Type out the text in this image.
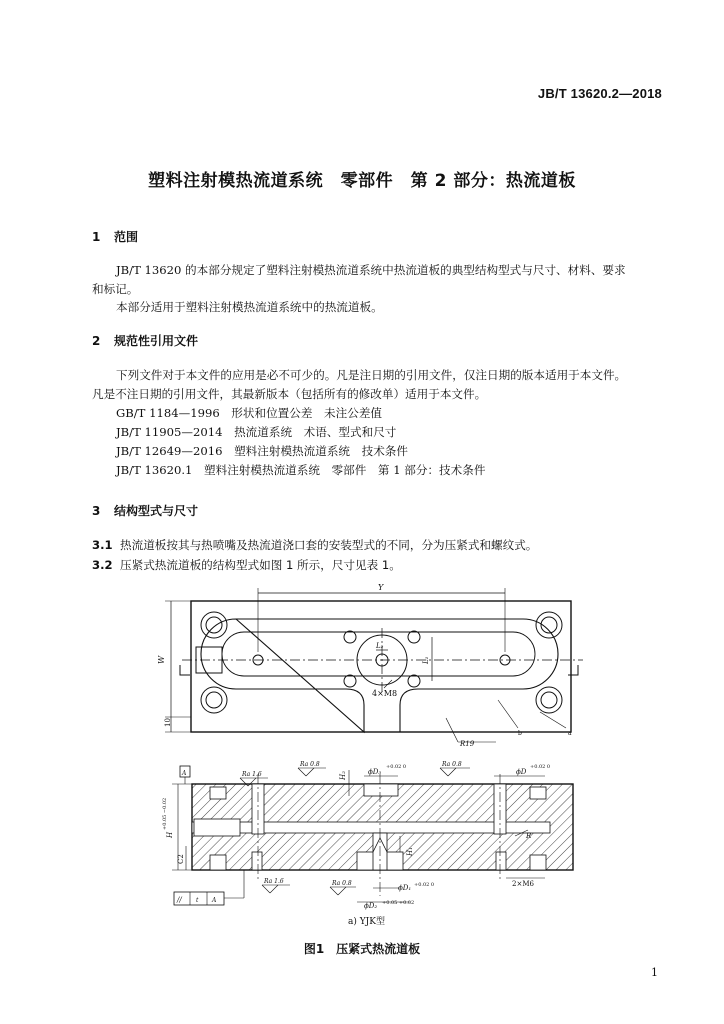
JB/T 13620.2—2018
塑料注射模热流道系统　零部件　第 2 部分：热流道板
1 范围
JB/T 13620 的本部分规定了塑料注射模热流道系统中热流道板的典型结构型式与尺寸、材料、要求
和标记。
本部分适用于塑料注射模热流道系统中的热流道板。
2 规范性引用文件
下列文件对于本文件的应用是必不可少的。凡是注日期的引用文件，仅注日期的版本适用于本文件。
凡是不注日期的引用文件，其最新版本（包括所有的修改单）适用于本文件。
GB/T 1184—1996　形状和位置公差　未注公差值
JB/T 11905—2014　热流道系统　术语、型式和尺寸
JB/T 12649—2016　塑料注射模热流道系统　技术条件
JB/T 13620.1　塑料注射模热流道系统　零部件　第 1 部分：技术条件
3 结构型式与尺寸
3.1 热流道板按其与热喷嘴及热流道浇口套的安装型式的不同，分为压紧式和螺纹式。
3.2 压紧式热流道板的结构型式如图 1 所示，尺寸见表 1。
Y
W
L₂
L₁
4×M8
10
b	a
R19
Ra 0.8
Ra 0.8
Ra 0.8
Ra 1.6
Ra 1.6
H₂
H₁
H
+0.05 −0.02
C2
ϕD₃
+0.02 0
ϕD
+0.02 0
ϕD₁ +0.02 0
ϕD₂ +0.05 +0.02
R
2×M6
A
// t A
a) YJK型
图1　压紧式热流道板
1
